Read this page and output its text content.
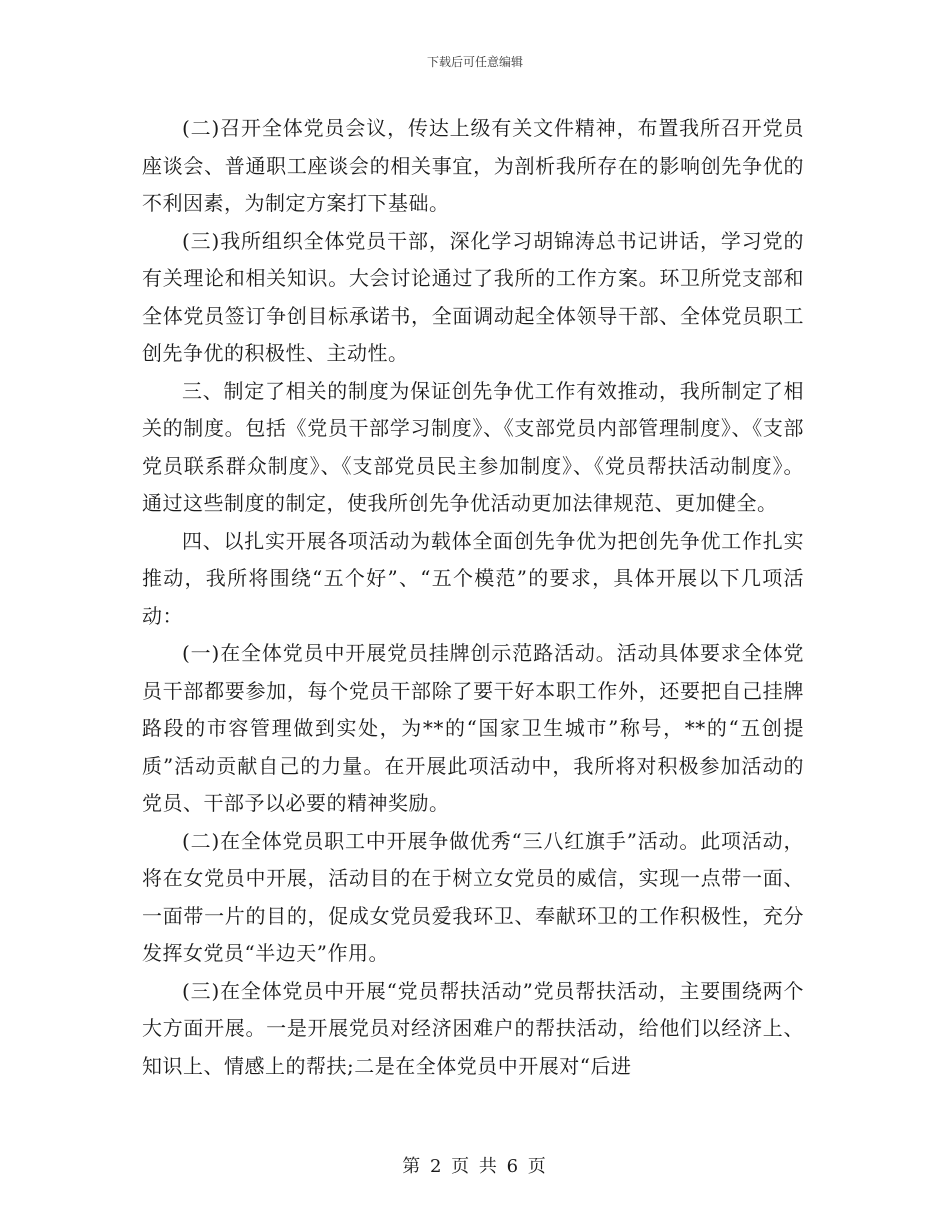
下载后可任意编辑

(二)召开全体党员会议，传达上级有关文件精神，布置我所召开党员座谈会、普通职工座谈会的相关事宜，为剖析我所存在的影响创先争优的不利因素，为制定方案打下基础。

(三)我所组织全体党员干部，深化学习胡锦涛总书记讲话，学习党的有关理论和相关知识。大会讨论通过了我所的工作方案。环卫所党支部和全体党员签订争创目标承诺书，全面调动起全体领导干部、全体党员职工创先争优的积极性、主动性。

三、制定了相关的制度为保证创先争优工作有效推动，我所制定了相关的制度。包括《党员干部学习制度》、《支部党员内部管理制度》、《支部党员联系群众制度》、《支部党员民主参加制度》、《党员帮扶活动制度》。通过这些制度的制定，使我所创先争优活动更加法律规范、更加健全。

四、以扎实开展各项活动为载体全面创先争优为把创先争优工作扎实推动，我所将围绕“五个好”、“五个模范”的要求，具体开展以下几项活动：

(一)在全体党员中开展党员挂牌创示范路活动。活动具体要求全体党员干部都要参加，每个党员干部除了要干好本职工作外，还要把自己挂牌路段的市容管理做到实处，为**的“国家卫生城市”称号，**的“五创提质”活动贡献自己的力量。在开展此项活动中，我所将对积极参加活动的党员、干部予以必要的精神奖励。

(二)在全体党员职工中开展争做优秀“三八红旗手”活动。此项活动，将在女党员中开展，活动目的在于树立女党员的威信，实现一点带一面、一面带一片的目的，促成女党员爱我环卫、奉献环卫的工作积极性，充分发挥女党员“半边天”作用。

(三)在全体党员中开展“党员帮扶活动”党员帮扶活动，主要围绕两个大方面开展。一是开展党员对经济困难户的帮扶活动，给他们以经济上、知识上、情感上的帮扶;二是在全体党员中开展对“后进

第 2 页 共 6 页
